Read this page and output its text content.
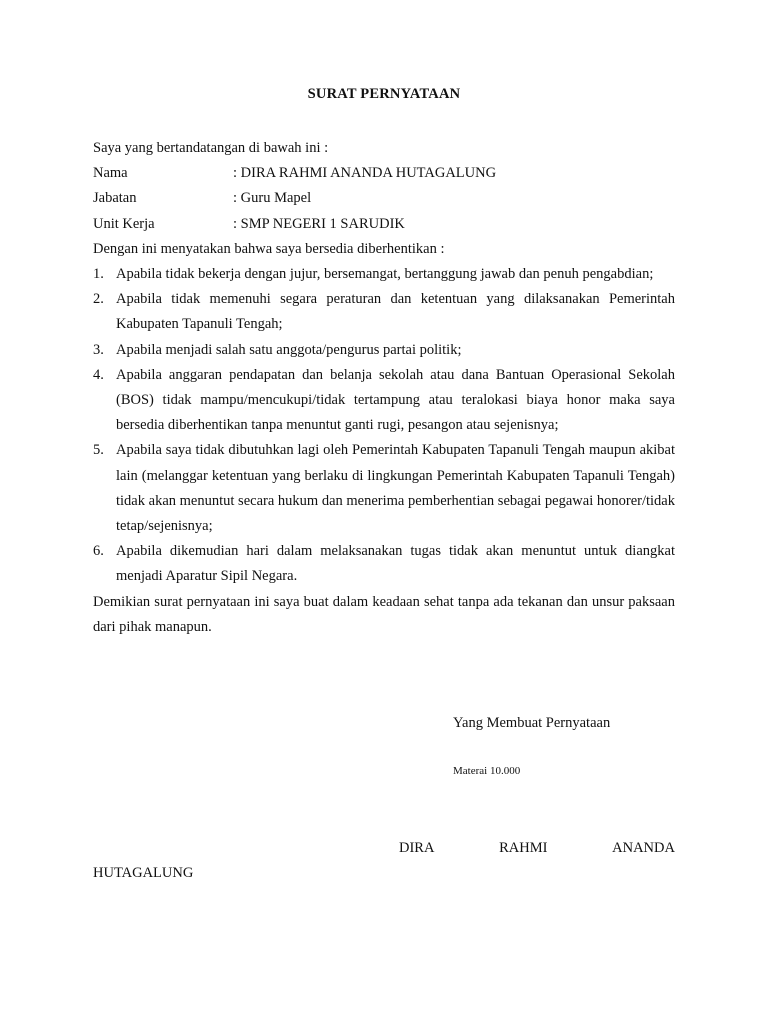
SURAT PERNYATAAN
Saya yang bertandatangan di bawah ini :
Nama	: DIRA RAHMI ANANDA HUTAGALUNG
Jabatan	: Guru Mapel
Unit Kerja	: SMP NEGERI 1 SARUDIK
Dengan ini menyatakan bahwa saya bersedia diberhentikan :
1. Apabila tidak bekerja dengan jujur, bersemangat, bertanggung jawab dan penuh pengabdian;
2. Apabila tidak memenuhi segara peraturan dan ketentuan yang dilaksanakan Pemerintah Kabupaten Tapanuli Tengah;
3. Apabila menjadi salah satu anggota/pengurus partai politik;
4. Apabila anggaran pendapatan dan belanja sekolah atau dana Bantuan Operasional Sekolah (BOS) tidak mampu/mencukupi/tidak tertampung atau teralokasi biaya honor maka saya bersedia diberhentikan tanpa menuntut ganti rugi, pesangon atau sejenisnya;
5. Apabila saya tidak dibutuhkan lagi oleh Pemerintah Kabupaten Tapanuli Tengah maupun akibat lain (melanggar ketentuan yang berlaku di lingkungan Pemerintah Kabupaten Tapanuli Tengah) tidak akan menuntut secara hukum dan menerima pemberhentian sebagai pegawai honorer/tidak tetap/sejenisnya;
6. Apabila dikemudian hari dalam melaksanakan tugas tidak akan menuntut untuk diangkat menjadi Aparatur Sipil Negara.
Demikian surat pernyataan ini saya buat dalam keadaan sehat tanpa ada tekanan dan unsur paksaan dari pihak manapun.
Yang Membuat Pernyataan
Materai 10.000
DIRA	RAHMI	ANANDA
HUTAGALUNG
